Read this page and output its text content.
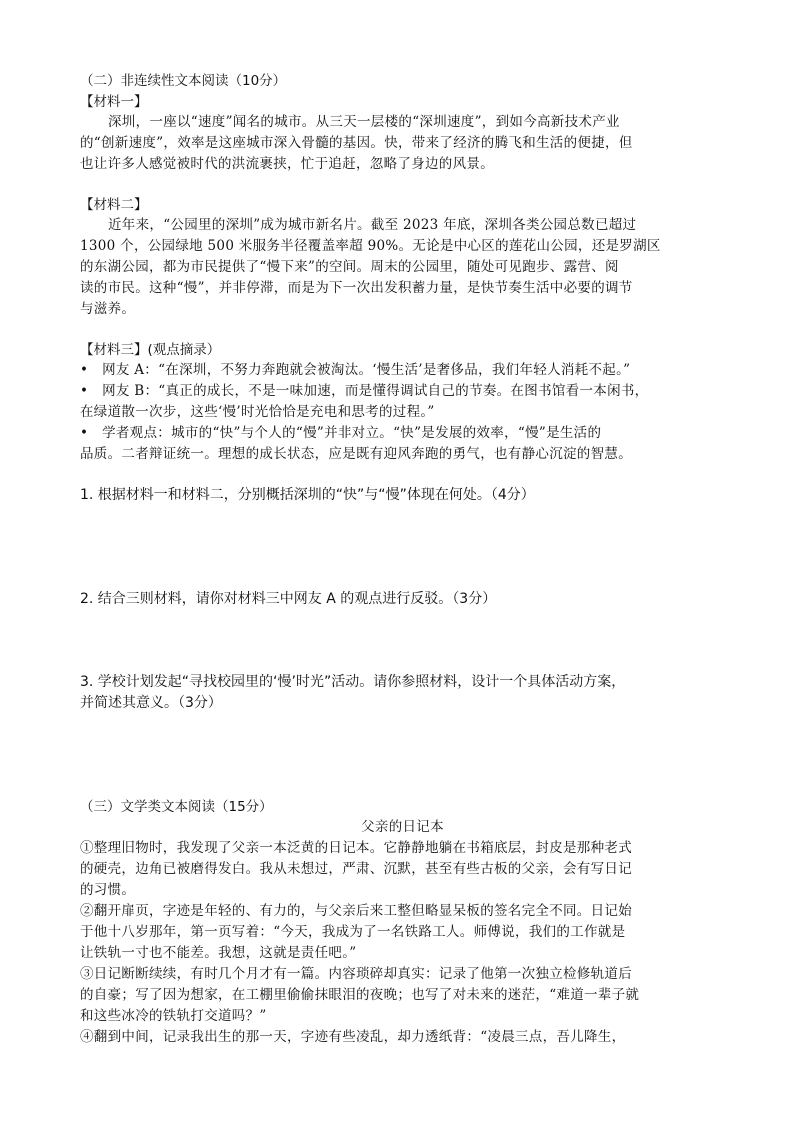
（二）非连续性文本阅读（10分）
【材料一】
深圳，一座以“速度”闻名的城市。从三天一层楼的“深圳速度”，到如今高新技术产业
的“创新速度”，效率是这座城市深入骨髓的基因。快，带来了经济的腾飞和生活的便捷，但
也让许多人感觉被时代的洪流裹挟，忙于追赶，忽略了身边的风景。
【材料二】
近年来，“公园里的深圳”成为城市新名片。截至 2023 年底，深圳各类公园总数已超过
1300 个，公园绿地 500 米服务半径覆盖率超 90%。无论是中心区的莲花山公园，还是罗湖区
的东湖公园，都为市民提供了“慢下来”的空间。周末的公园里，随处可见跑步、露营、阅
读的市民。这种“慢”，并非停滞，而是为下一次出发积蓄力量，是快节奏生活中必要的调节
与滋养。
【材料三】(观点摘录）
•　网友 A：“在深圳，不努力奔跑就会被淘汰。‘慢生活’是奢侈品，我们年轻人消耗不起。”
•　网友 B：“真正的成长，不是一味加速，而是懂得调试自己的节奏。在图书馆看一本闲书，
在绿道散一次步，这些‘慢’时光恰恰是充电和思考的过程。”
•　学者观点：城市的“快”与个人的“慢”并非对立。“快”是发展的效率，“慢”是生活的
品质。二者辩证统一。理想的成长状态，应是既有迎风奔跑的勇气，也有静心沉淀的智慧。
1. 根据材料一和材料二，分别概括深圳的“快”与“慢”体现在何处。（4分）
2. 结合三则材料，请你对材料三中网友 A 的观点进行反驳。（3分）
3. 学校计划发起“寻找校园里的‘慢’时光”活动。请你参照材料，设计一个具体活动方案，
并简述其意义。（3分）
（三）文学类文本阅读（15分）
父亲的日记本
①整理旧物时，我发现了父亲一本泛黄的日记本。它静静地躺在书箱底层，封皮是那种老式
的硬壳，边角已被磨得发白。我从未想过，严肃、沉默，甚至有些古板的父亲，会有写日记
的习惯。
②翻开扉页，字迹是年轻的、有力的，与父亲后来工整但略显呆板的签名完全不同。日记始
于他十八岁那年，第一页写着：“今天，我成为了一名铁路工人。师傅说，我们的工作就是
让铁轨一寸也不能差。我想，这就是责任吧。”
③日记断断续续，有时几个月才有一篇。内容琐碎却真实：记录了他第一次独立检修轨道后
的自豪；写了因为想家，在工棚里偷偷抹眼泪的夜晚；也写了对未来的迷茫，“难道一辈子就
和这些冰冷的铁轨打交道吗？”
④翻到中间，记录我出生的那一天，字迹有些凌乱，却力透纸背：“凌晨三点，吾儿降生，
